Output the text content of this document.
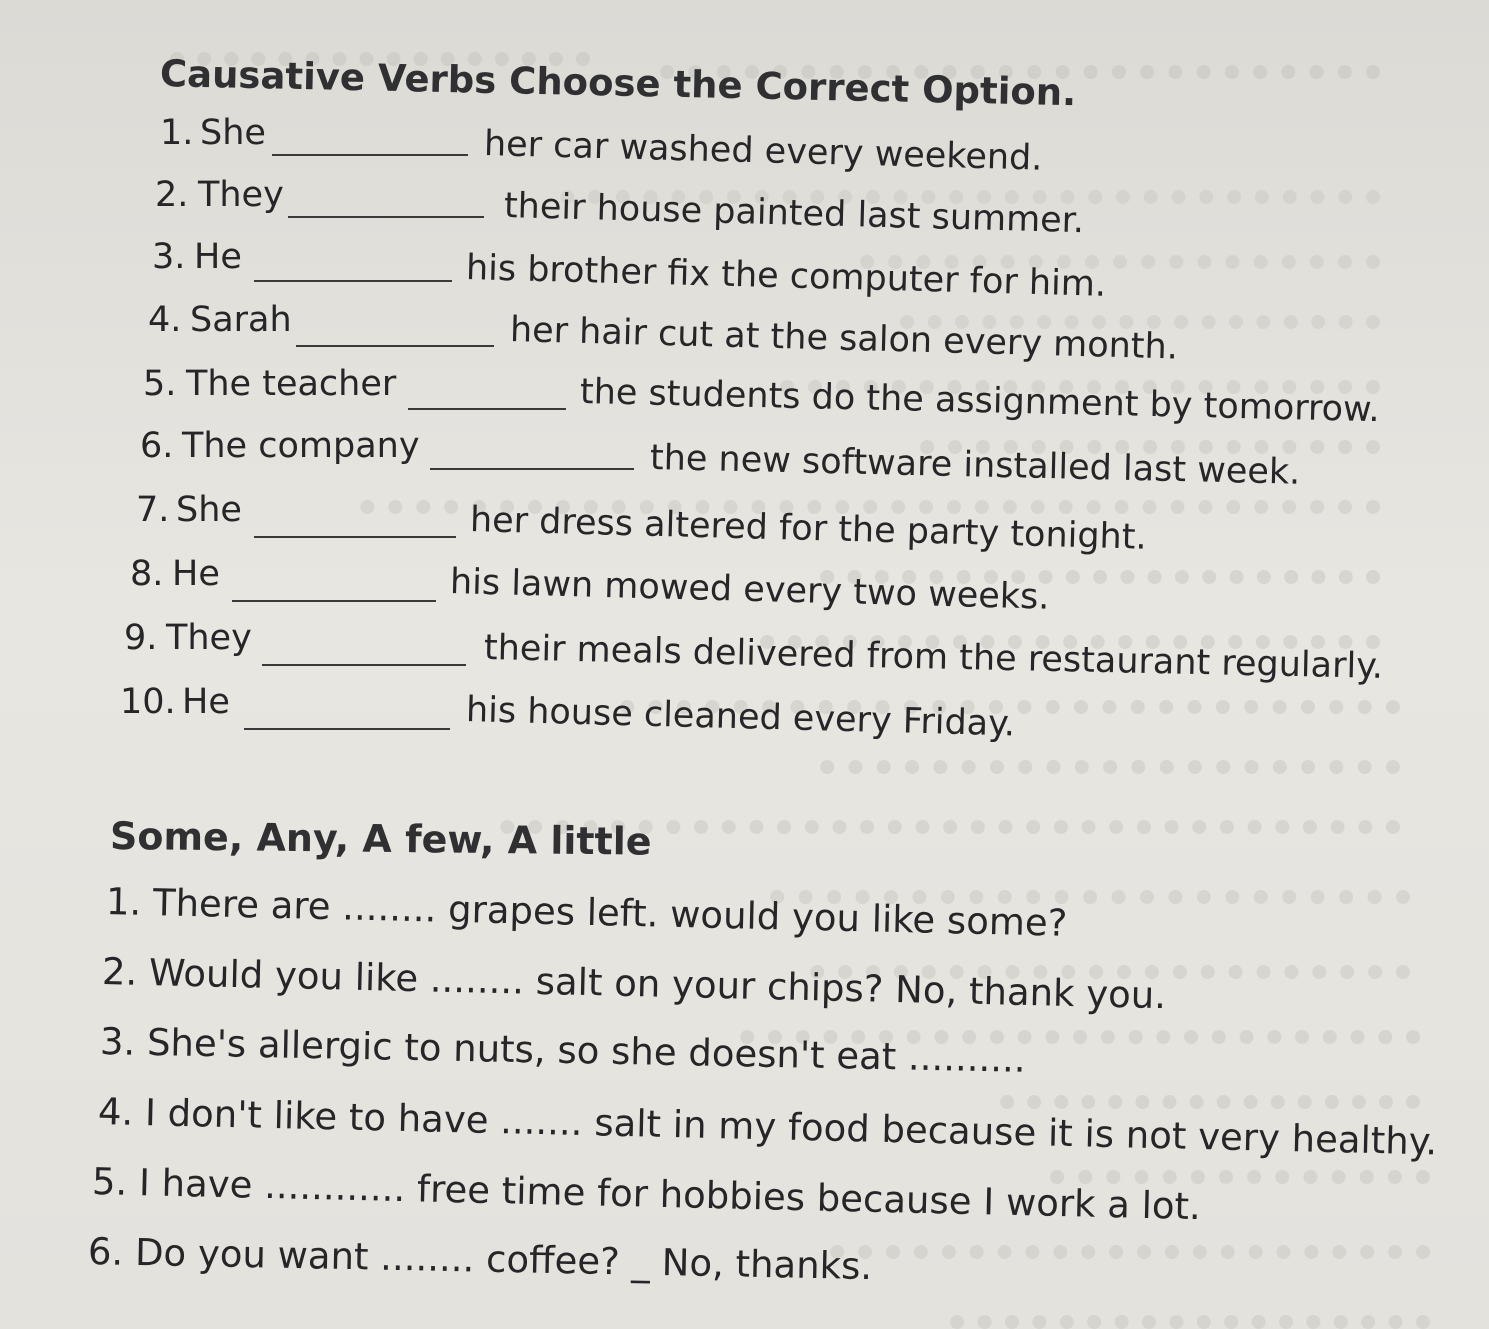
Causative Verbs Choose the Correct Option.
1. She	her car washed every weekend.
2. They	their house painted last summer.
3. He	his brother fix the computer for him.
4. Sarah	her hair cut at the salon every month.
5. The teacher	the students do the assignment by tomorrow.
6. The company	the new software installed last week.
7. She	her dress altered for the party tonight.
8. He	his lawn mowed every two weeks.
9. They	their meals delivered from the restaurant regularly.
10. He	his house cleaned every Friday.
Some, Any, A few, A little
1. There are ........ grapes left. would you like some?
2. Would you like ........ salt on your chips? No, thank you.
3. She's allergic to nuts, so she doesn't eat ..........
4. I don't like to have ....... salt in my food because it is not very healthy.
5. I have ............ free time for hobbies because I work a lot.
6. Do you want ........ coffee? _ No, thanks.
